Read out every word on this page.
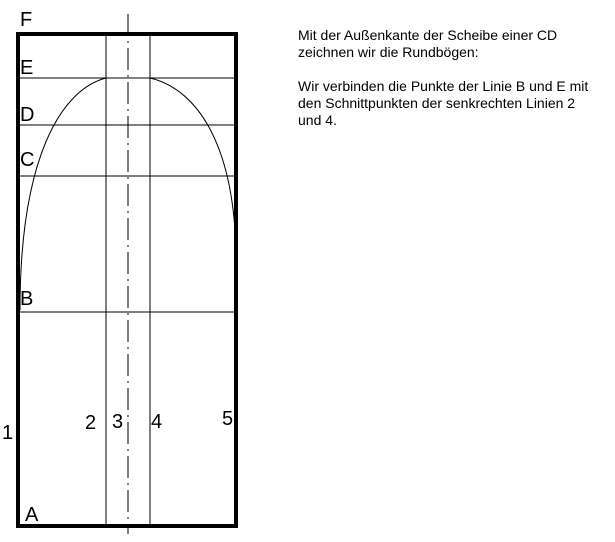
F
E
D
C
B
A
1	2 3 4	5

Mit der Außenkante der Scheibe einer CD zeichnen wir die Rundbögen:

Wir verbinden die Punkte der Linie B und E mit den Schnittpunkten der senkrechten Linien 2 und 4.
